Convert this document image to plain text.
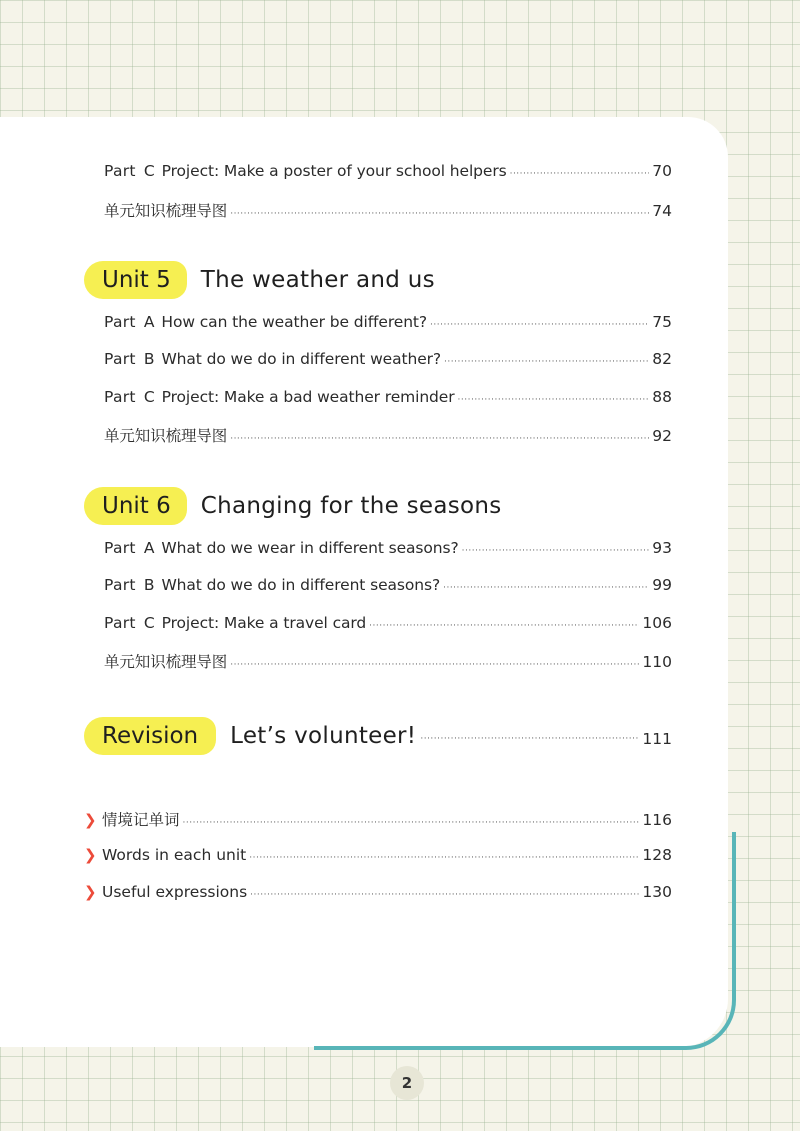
Part C Project: Make a poster of your school helpers ·····	70
单元知识梳理导图 ·····	74
Unit 5	The weather and us
Part A How can the weather be different? ·····	75
Part B What do we do in different weather? ·····	82
Part C Project: Make a bad weather reminder ·····	88
单元知识梳理导图 ·····	92
Unit 6	Changing for the seasons
Part A What do we wear in different seasons? ·····	93
Part B What do we do in different seasons? ·····	99
Part C Project: Make a travel card ·····	106
单元知识梳理导图 ·····	110
Revision	Let’s volunteer! ·····	111
❯ 情境记单词 ·····	116
❯ Words in each unit ·····	128
❯ Useful expressions ·····	130
2
